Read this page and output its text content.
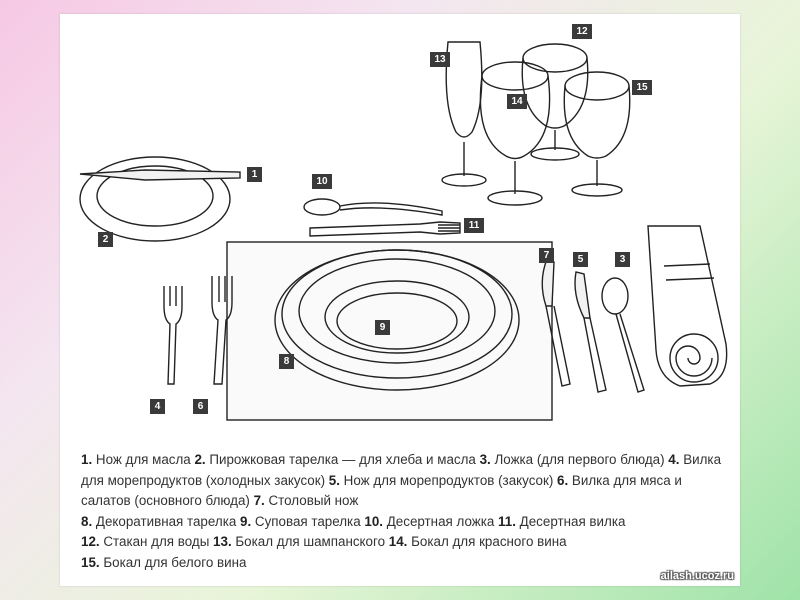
1
2
3
4
5
6
7
8
9
10
11
12
13
14
15
1. Нож для масла 2. Пирожковая тарелка — для хлеба и масла 3. Ложка (для первого блюда) 4. Вилка для морепродуктов (холодных закусок) 5. Нож для морепродуктов (закусок) 6. Вилка для мяса и салатов (основного блюда) 7. Столовый нож
8. Декоративная тарелка 9. Суповая тарелка 10. Десертная ложка 11. Десертная вилка
12. Стакан для воды 13. Бокал для шампанского 14. Бокал для красного вина
15. Бокал для белого вина
ailash.ucoz.ru
